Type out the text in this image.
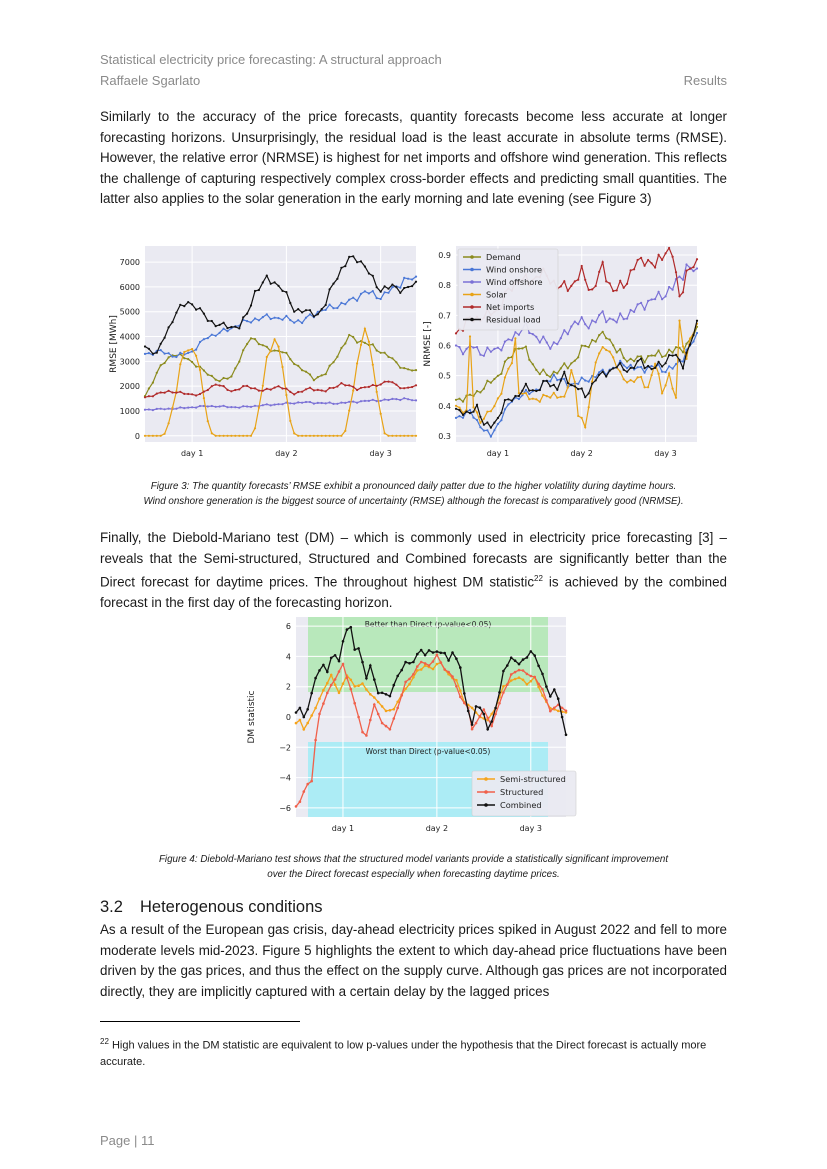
Statistical electricity price forecasting: A structural approach
Raffaele Sgarlato	Results

Similarly to the accuracy of the price forecasts, quantity forecasts become less accurate at longer forecasting horizons. Unsurprisingly, the residual load is the least accurate in absolute terms (RMSE). However, the relative error (NRMSE) is highest for net imports and offshore wind generation. This reflects the challenge of capturing respectively complex cross-border effects and predicting small quantities. The latter also applies to the solar generation in the early morning and late evening (see Figure 3)

0
1000
2000
3000
4000
5000
6000
7000
day 1	day 2	day 3
RMSE [MWh]
0.3
0.4
0.5
0.6
0.7
0.8
0.9
day 1	day 2	day 3
Demand
Wind onshore
Wind offshore
Solar
Net imports
Residual load
NRMSE [-]

Figure 3: The quantity forecasts’ RMSE exhibit a pronounced daily patter due to the higher volatility during daytime hours.
Wind onshore generation is the biggest source of uncertainty (RMSE) although the forecast is comparatively good (NRMSE).

Finally, the Diebold-Mariano test (DM) – which is commonly used in electricity price forecasting [3] – reveals that the Semi-structured, Structured and Combined forecasts are significantly better than the Direct forecast for daytime prices. The throughout highest DM statistic$^{22}$ is achieved by the combined forecast in the first day of the forecasting horizon.

Better than Direct (p-value<0.05)
Worst than Direct (p-value<0.05)
−6
−4
−2
0
2
4
6
day 1	day 2	day 3
Semi-structured
Structured
Combined
DM statistic

Figure 4: Diebold-Mariano test shows that the structured model variants provide a statistically significant improvement
over the Direct forecast especially when forecasting daytime prices.

3.2 Heterogenous conditions

As a result of the European gas crisis, day-ahead electricity prices spiked in August 2022 and fell to more moderate levels mid-2023. Figure 5 highlights the extent to which day-ahead price fluctuations have been driven by the gas prices, and thus the effect on the supply curve. Although gas prices are not incorporated directly, they are implicitly captured with a certain delay by the lagged prices

$^{22}$ High values in the DM statistic are equivalent to low p-values under the hypothesis that the Direct forecast is actually more accurate.

Page | 11
